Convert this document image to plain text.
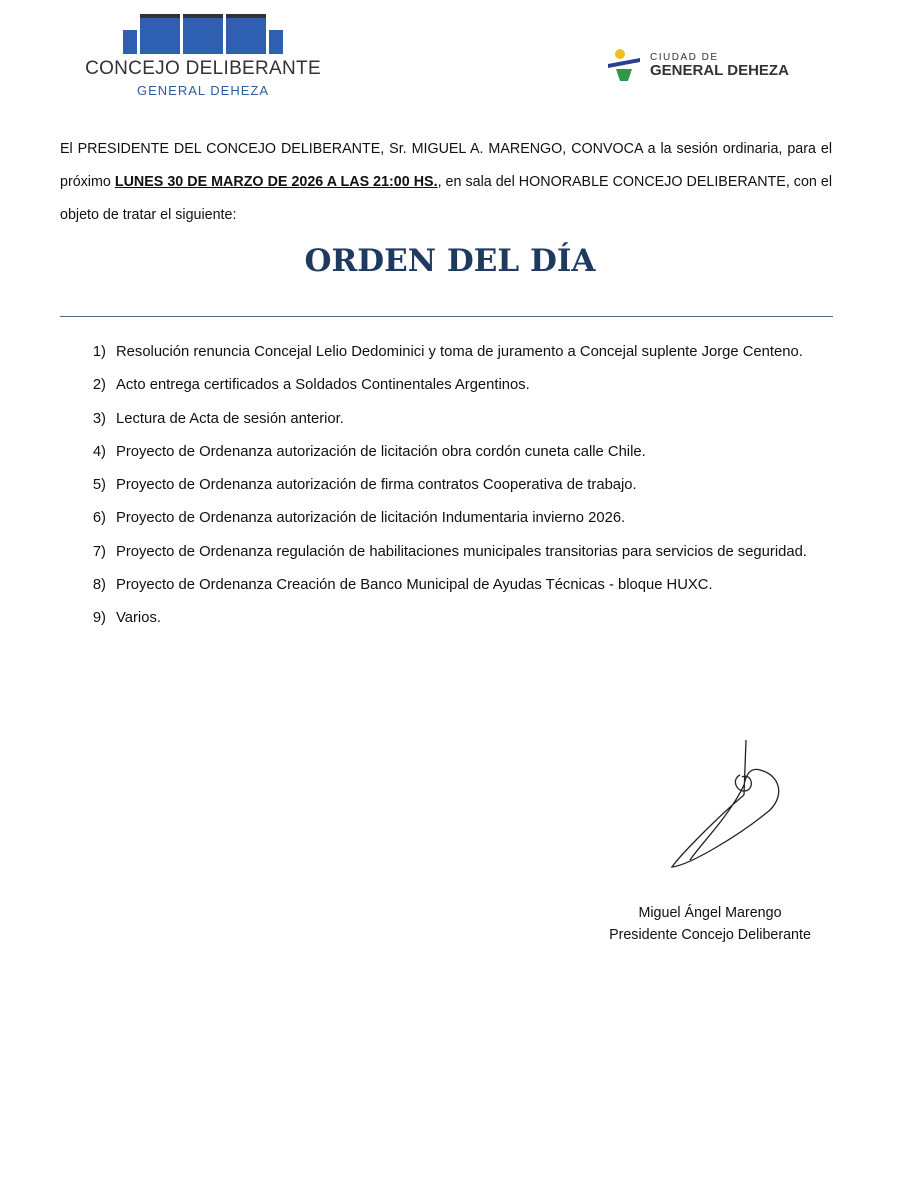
CONCEJO DELIBERANTE
GENERAL DEHEZA
CIUDAD DE
GENERAL DEHEZA
El PRESIDENTE DEL CONCEJO DELIBERANTE, Sr. MIGUEL A. MARENGO, CONVOCA a la sesión ordinaria, para el próximo LUNES 30 DE MARZO DE 2026 A LAS 21:00 HS., en sala del HONORABLE CONCEJO DELIBERANTE, con el objeto de tratar el siguiente:
ORDEN DEL DÍA
1) Resolución renuncia Concejal Lelio Dedominici y toma de juramento a Concejal suplente Jorge Centeno.
2) Acto entrega certificados a Soldados Continentales Argentinos.
3) Lectura de Acta de sesión anterior.
4) Proyecto de Ordenanza autorización de licitación obra cordón cuneta calle Chile.
5) Proyecto de Ordenanza autorización de firma contratos Cooperativa de trabajo.
6) Proyecto de Ordenanza autorización de licitación Indumentaria invierno 2026.
7) Proyecto de Ordenanza regulación de habilitaciones municipales transitorias para servicios de seguridad.
8) Proyecto de Ordenanza Creación de Banco Municipal de Ayudas Técnicas - bloque HUXC.
9) Varios.
Miguel Ángel Marengo
Presidente Concejo Deliberante
